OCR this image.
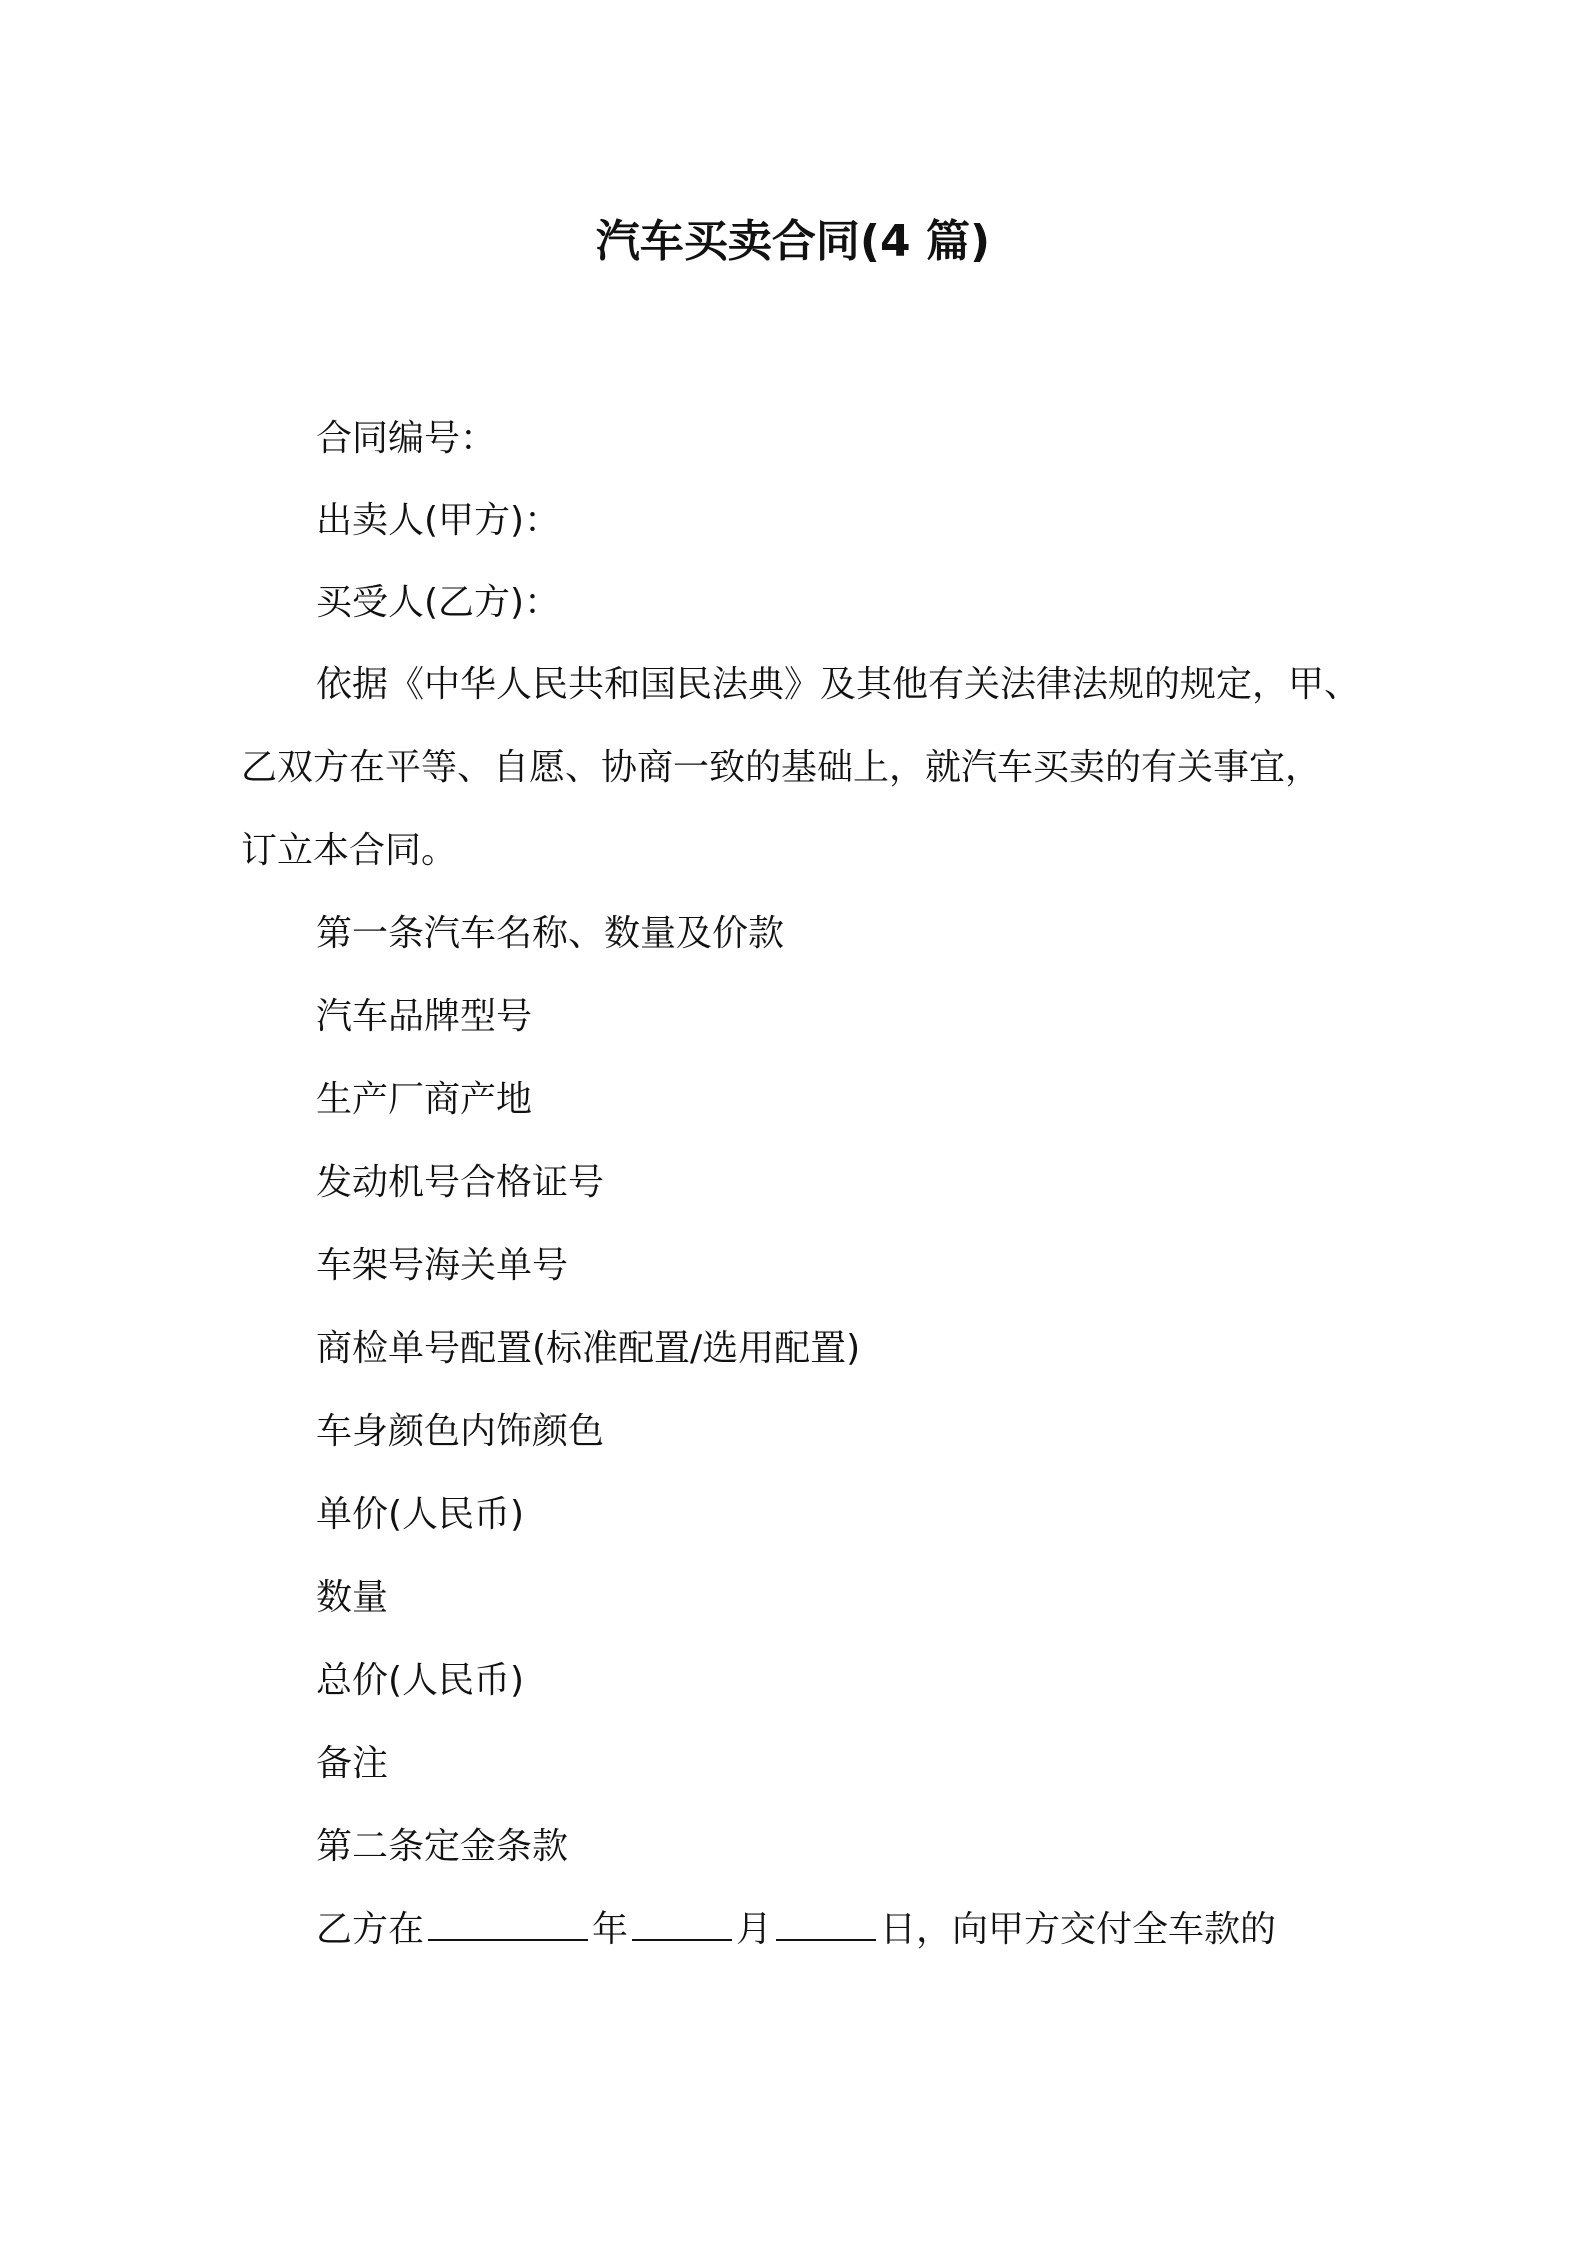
汽车买卖合同(4 篇)
合同编号：
出卖人(甲方)：
买受人(乙方)：
依据《中华人民共和国民法典》及其他有关法律法规的规定，甲、
乙双方在平等、自愿、协商一致的基础上，就汽车买卖的有关事宜，
订立本合同。
第一条汽车名称、数量及价款
汽车品牌型号
生产厂商产地
发动机号合格证号
车架号海关单号
商检单号配置(标准配置/选用配置)
车身颜色内饰颜色
单价(人民币)
数量
总价(人民币)
备注
第二条定金条款
乙方在	年	月	日，向甲方交付全车款的
